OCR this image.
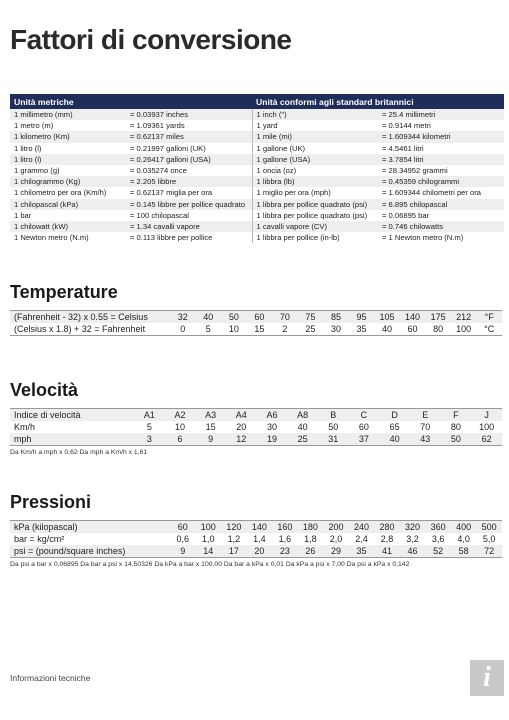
Fattori di conversione
Unità metriche		Unità conformi agli standard britannici	
1 millimetro (mm)	= 0.03937 inches	1 inch (")	= 25.4 millimetri
1 metro (m)	= 1.09361 yards	1 yard	= 0.9144 metri
1 kilometro (Km)	= 0.62137 miles	1 mile (mi)	= 1.609344 kilometri
1 litro (l)	= 0.21997 galloni (UK)	1 gallone (UK)	= 4.5461 litri
1 litro (l)	= 0.26417 galloni (USA)	1 gallone (USA)	= 3.7854 litri
1 grammo (g)	= 0.035274 once	1 oncia (oz)	= 28.34952 grammi
1 chilogrammo (Kg)	= 2.205 libbre	1 libbra (lb)	= 0.45359 chilogrammi
1 chilometro per ora (Km/h)	= 0.62137 miglia per ora	1 miglio per ora (mph)	= 1.609344 chilometri per ora
1 chilopascal (kPa)	= 0.145 libbre per pollice quadrato	1 libbra per pollice quadrato (psi)	= 6.895 chilopascal
1 bar	= 100 chilopascal	1 libbra per pollice quadrato (psi)	= 0.06895 bar
1 chilowatt (kW)	= 1.34 cavalli vapore	1 cavalli vapore (CV)	= 0.746 chilowatts
1 Newton metro (N.m)	= 0.113 libbre per pollice	1 libbra per pollice (in-lb)	= 1 Newton metro (N.m)
Temperature
(Fahrenheit - 32) x 0.55 = Celsius	32	40	50	60	70	75	85	95	105	140	175	212	°F
(Celsius x 1.8) + 32 = Fahrenheit	0	5	10	15	2	25	30	35	40	60	80	100	°C
Velocità
Indice di velocità	A1	A2	A3	A4	A6	A8	B	C	D	E	F	J
Km/h	5	10	15	20	30	40	50	60	65	70	80	100
mph	3	6	9	12	19	25	31	37	40	43	50	62
Da Km/h a mph x 0,62 Da mph a Km/h x 1,61
Pressioni
kPa (kilopascal)	60	100	120	140	160	180	200	240	280	320	360	400	500
bar = kg/cm²	0,6	1,0	1,2	1,4	1,6	1,8	2,0	2,4	2,8	3,2	3,6	4,0	5,0
psi = (pound/square inches)	9	14	17	20	23	26	29	35	41	46	52	58	72
Da psi a bar x 0,06895 Da bar a psi x 14.50326 Da kPa a bar x 100,00 Da bar a kPa x 0,01 Da kPa a psi x 7,00 Da psi a kPa x 0,142
Informazioni tecniche	i
